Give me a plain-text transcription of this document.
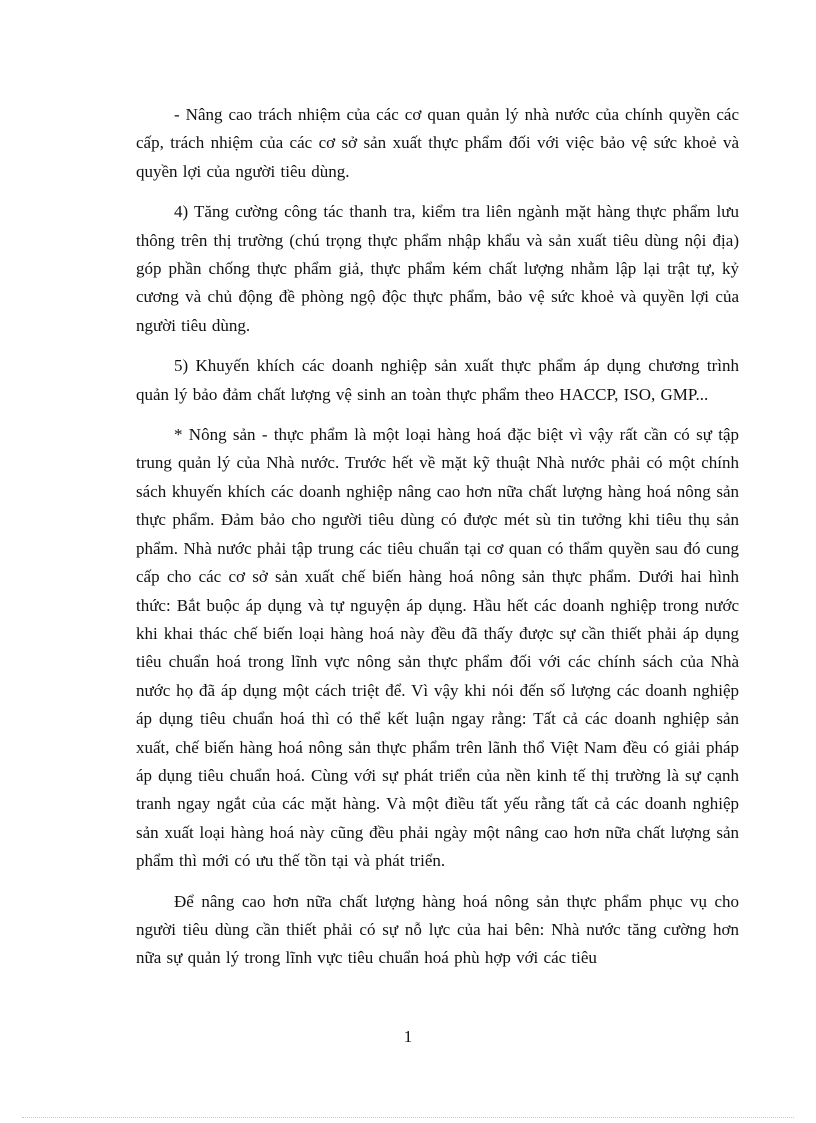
- Nâng cao trách nhiệm của các cơ quan quản lý nhà nước của chính quyền các cấp, trách nhiệm của các cơ sở sản xuất thực phẩm đối với việc bảo vệ sức khoẻ và quyền lợi của người tiêu dùng.

4) Tăng cường công tác thanh tra, kiểm tra liên ngành mặt hàng thực phẩm lưu thông trên thị trường (chú trọng thực phẩm nhập khẩu và sản xuất tiêu dùng nội địa) góp phần chống thực phẩm giả, thực phẩm kém chất lượng nhằm lập lại trật tự, kỷ cương và chủ động đề phòng ngộ độc thực phẩm, bảo vệ sức khoẻ và quyền lợi của người tiêu dùng.

5) Khuyến khích các doanh nghiệp sản xuất thực phẩm áp dụng chương trình quản lý bảo đảm chất lượng vệ sinh an toàn thực phẩm theo HACCP, ISO, GMP...

* Nông sản - thực phẩm là một loại hàng hoá đặc biệt vì vậy rất cần có sự tập trung quản lý của Nhà nước. Trước hết về mặt kỹ thuật Nhà nước phải có một chính sách khuyến khích các doanh nghiệp nâng cao hơn nữa chất lượng hàng hoá nông sản thực phẩm. Đảm bảo cho người tiêu dùng có được mét sù tin tưởng khi tiêu thụ sản phẩm. Nhà nước phải tập trung các tiêu chuẩn tại cơ quan có thẩm quyền sau đó cung cấp cho các cơ sở sản xuất chế biến hàng hoá nông sản thực phẩm. Dưới hai hình thức: Bắt buộc áp dụng và tự nguyện áp dụng. Hầu hết các doanh nghiệp trong nước khi khai thác chế biến loại hàng hoá này đều đã thấy được sự cần thiết phải áp dụng tiêu chuẩn hoá trong lĩnh vực nông sản thực phẩm đối với các chính sách của Nhà nước họ đã áp dụng một cách triệt để. Vì vậy khi nói đến số lượng các doanh nghiệp áp dụng tiêu chuẩn hoá thì có thể kết luận ngay rằng: Tất cả các doanh nghiệp sản xuất, chế biến hàng hoá nông sản thực phẩm trên lãnh thổ Việt Nam đều có giải pháp áp dụng tiêu chuẩn hoá. Cùng với sự phát triển của nền kinh tế thị trường là sự cạnh tranh ngay ngắt của các mặt hàng. Và một điều tất yếu rằng tất cả các doanh nghiệp sản xuất loại hàng hoá này cũng đều phải ngày một nâng cao hơn nữa chất lượng sản phẩm thì mới có ưu thế tồn tại và phát triển.

Để nâng cao hơn nữa chất lượng hàng hoá nông sản thực phẩm phục vụ cho người tiêu dùng cần thiết phải có sự nỗ lực của hai bên: Nhà nước tăng cường hơn nữa sự quản lý trong lĩnh vực tiêu chuẩn hoá phù hợp với các tiêu

1
